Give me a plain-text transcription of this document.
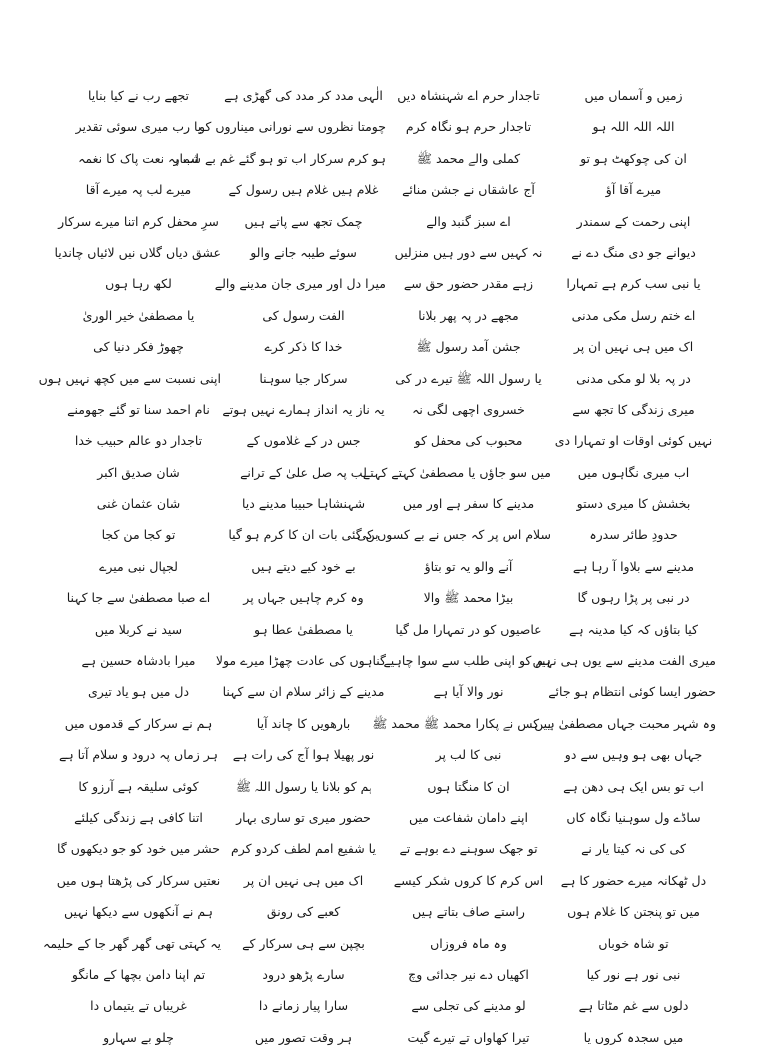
تجھے رب نے کیا بنایا
یا رب میری سوئی تقدیر
لب پہ نعت پاک کا نغمہ
میرے لب پہ میرے آقا
سرِ محفل کرم اتنا میرے سرکار
عشق دیاں گلاں نیں لائیاں چاندیا
لکھ رہا ہوں
یا مصطفیٰ خیر الوریٰ
چھوڑ فکر دنیا کی
اپنی نسبت سے میں کچھ نہیں ہوں
نام احمد سنا تو گئے جھومنے
تاجدار دو عالم حبیب خدا
شان صدیق اکبر
شان عثمان غنی
تو کجا من کجا
لجپال نبی میرے
اے صبا مصطفیٰ سے جا کہنا
سید نے کربلا میں
میرا بادشاہ حسین ہے
دل میں ہو یاد تیری
ہم نے سرکار کے قدموں میں
ہر زماں پہ درود و سلام آتا ہے
کوئی سلیقہ ہے آرزو کا
اتنا کافی ہے زندگی کیلئے
حشر میں خود کو جو دیکھوں گا
نعتیں سرکار کی پڑھتا ہوں میں
ہم نے آنکھوں سے دیکھا نہیں
یہ کہتی تھی گھر گھر جا کے حلیمہ
تم اپنا دامن بچھا کے مانگو
غریباں تے یتیماں دا
چلو بے سہارو
الٰہی مدد کر مدد کی گھڑی ہے
چومتا نظروں سے نورانی میناروں کو
ہو کرم سرکار اب تو ہو گئے غم بے شمار
غلام ہیں غلام ہیں رسول کے
چمک تجھ سے پاتے ہیں
سوئے طیبہ جانے والو
میرا دل اور میری جان مدینے والے
الفت رسول کی
خدا کا ذکر کرے
سرکار جیا سوہنا
یہ ناز یہ انداز ہمارے نہیں ہوتے
جس در کے غلاموں کے
لب پہ صل علیٰ کے ترانے
شہنشاہا حبیبا مدینے دیا
بن گئی بات ان کا کرم ہو گیا
بے خود کیے دیتے ہیں
وہ کرم چاہیں جہاں پر
یا مصطفیٰ عطا ہو
گناہوں کی عادت چھڑا میرے مولا
مدینے کے زائر سلام ان سے کہنا
بارھویں کا چاند آیا
نور پھیلا ہوا آج کی رات ہے
ہم کو بلانا یا رسول اللہ ﷺ
حضور میری تو ساری بہار
یا شفیع امم لطف کردو کرم
اک میں ہی نہیں ان پر
کعبے کی رونق
بچپن سے ہی سرکار کے
سارے پڑھو درود
سارا پیار زمانے دا
ہر وقت تصور میں
تاجدار حرم اے شہنشاہ دیں
تاجدار حرم ہو نگاہ کرم
کملی والے محمد ﷺ
آج عاشقاں نے جشن منائے
اے سبز گنبد والے
نہ کہیں سے دور ہیں منزلیں
زہے مقدر حضور حق سے
مجھے در پہ پھر بلانا
جشن آمد رسول ﷺ
یا رسول اللہ ﷺ تیرے در کی
خسروی اچھی لگی نہ
محبوب کی محفل کو
میں سو جاؤں یا مصطفیٰ کہتے کہتے
مدینے کا سفر ہے اور میں
سلام اس پر کہ جس نے بے کسوں کی
آنے والو یہ تو بتاؤ
بیڑا محمد ﷺ والا
عاصیوں کو در تمہارا مل گیا
ہم کو اپنی طلب سے سوا چاہیے
نور والا آیا ہے
یہ کس نے پکارا محمد ﷺ محمد ﷺ
نبی کا لب پر
ان کا منگتا ہوں
اپنے دامان شفاعت میں
تو جھک سوہنے دے بوہے تے
اس کرم کا کروں شکر کیسے
راستے صاف بتاتے ہیں
وہ ماہ فروزاں
اکھیاں دے نیر جدائی وچ
لو مدینے کی تجلی سے
تیرا کھاواں تے تیرے گیت
زمیں و آسماں میں
اللہ اللہ اللہ ہو
ان کی چوکھٹ ہو تو
میرے آقا آؤ
اپنی رحمت کے سمندر
دیوانے جو دی منگ دے نے
یا نبی سب کرم ہے تمہارا
اے ختم رسل مکی مدنی
اک میں ہی نہیں ان پر
در پہ بلا لو مکی مدنی
میری زندگی کا تجھ سے
نہیں کوئی اوقات او تمہارا دی
اب میری نگاہوں میں
بخشش کا میری دستو
حدودِ طائر سدرہ
مدینے سے بلاوا آ رہا ہے
در نبی پر پڑا رہوں گا
کیا بتاؤں کہ کیا مدینہ ہے
میری الفت مدینے سے یوں ہی نہیں
حضور ایسا کوئی انتظام ہو جائے
وہ شہر محبت جہاں مصطفیٰ ہیں
جہاں بھی ہو وہیں سے دو
اب تو بس ایک ہی دھن ہے
ساڈے ول سوہنیا نگاہ کاں
کی کی نہ کیتا یار نے
دل ٹھکانہ میرے حضور کا ہے
میں تو پنجتن کا غلام ہوں
تو شاہ خوباں
نبی نور ہے نور کیا
دلوں سے غم مٹاتا ہے
میں سجدہ کروں یا
